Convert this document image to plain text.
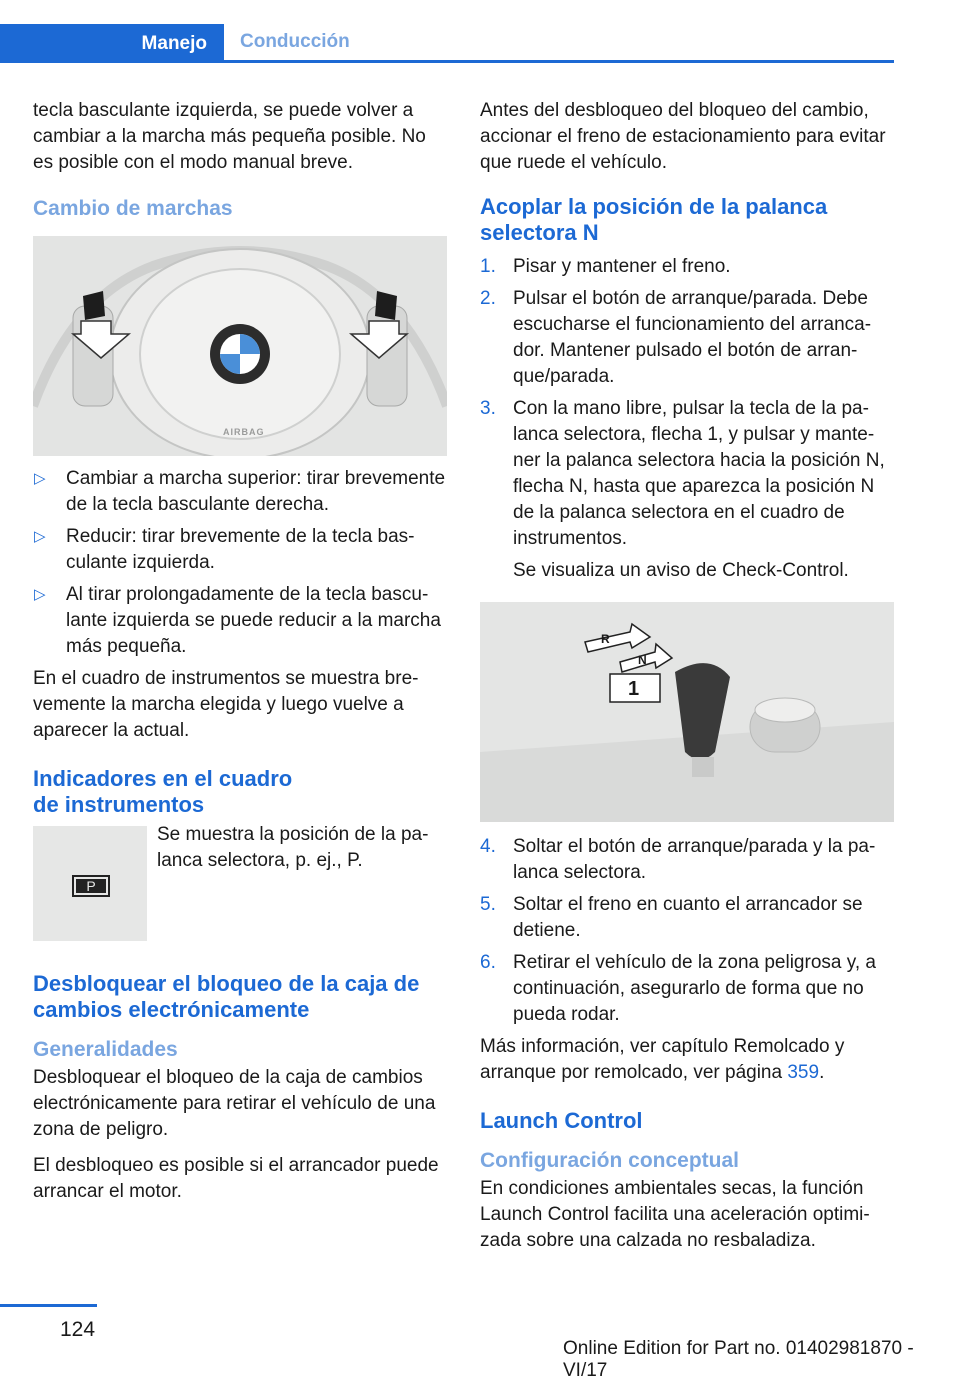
Manejo	Conducción

tecla basculante izquierda, se puede volver a cambiar a la marcha más pequeña posible. No es posible con el modo manual breve.

Cambio de marchas
AIRBAG
▷ Cambiar a marcha superior: tirar brevemente de la tecla basculante derecha.
▷ Reducir: tirar brevemente de la tecla basculante izquierda.
▷ Al tirar prolongadamente de la tecla basculante izquierda se puede reducir a la marcha más pequeña.

En el cuadro de instrumentos se muestra brevemente la marcha elegida y luego vuelve a aparecer la actual.

Indicadores en el cuadro de instrumentos
P

Se muestra la posición de la palanca selectora, p. ej., P.

Desbloquear el bloqueo de la caja de cambios electrónicamente
Generalidades

Desbloquear el bloqueo de la caja de cambios electrónicamente para retirar el vehículo de una zona de peligro.

El desbloqueo es posible si el arrancador puede arrancar el motor.

Antes del desbloqueo del bloqueo del cambio, accionar el freno de estacionamiento para evitar que ruede el vehículo.

Acoplar la posición de la palanca selectora N
1. Pisar y mantener el freno.
2. Pulsar el botón de arranque/parada. Debe escucharse el funcionamiento del arrancador. Mantener pulsado el botón de arranque/parada.
3. Con la mano libre, pulsar la tecla de la palanca selectora, flecha 1, y pulsar y mantener la palanca selectora hacia la posición N, flecha N, hasta que aparezca la posición N de la palanca selectora en el cuadro de instrumentos.
Se visualiza un aviso de Check-Control.
R
N
1
4. Soltar el botón de arranque/parada y la palanca selectora.
5. Soltar el freno en cuanto el arrancador se detiene.
6. Retirar el vehículo de la zona peligrosa y, a continuación, asegurarlo de forma que no pueda rodar.

Más información, ver capítulo Remolcado y arranque por remolcado, ver página 359.

Launch Control
Configuración conceptual

En condiciones ambientales secas, la función Launch Control facilita una aceleración optimizada sobre una calzada no resbaladiza.

124
Online Edition for Part no. 01402981870 - VI/17
